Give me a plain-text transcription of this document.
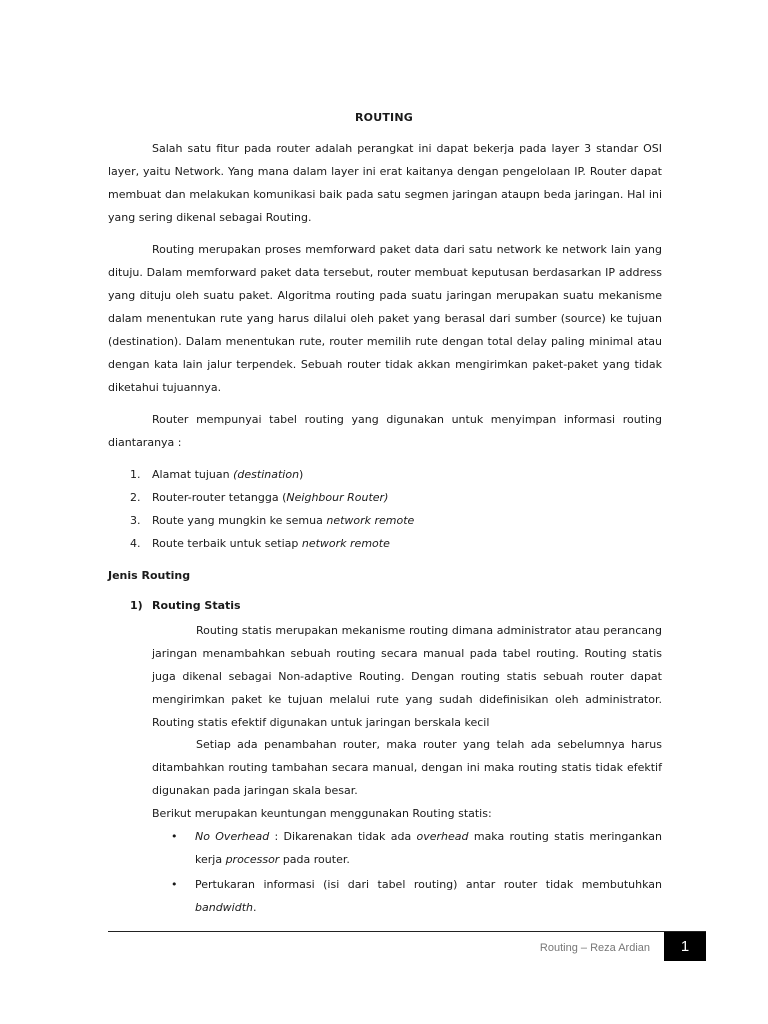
ROUTING

Salah satu fitur pada router adalah perangkat ini dapat bekerja pada layer 3 standar OSI layer, yaitu Network. Yang mana dalam layer ini erat kaitanya dengan pengelolaan IP. Router dapat membuat dan melakukan komunikasi baik pada satu segmen jaringan ataupn beda jaringan. Hal ini yang sering dikenal sebagai Routing.

Routing merupakan proses memforward paket data dari satu network ke network lain yang dituju. Dalam memforward paket data tersebut, router membuat keputusan berdasarkan IP address yang dituju oleh suatu paket. Algoritma routing pada suatu jaringan merupakan suatu mekanisme dalam menentukan rute yang harus dilalui oleh paket yang berasal dari sumber (source) ke tujuan (destination). Dalam menentukan rute, router memilih rute dengan total delay paling minimal atau dengan kata lain jalur terpendek. Sebuah router tidak akkan mengirimkan paket-paket yang tidak diketahui tujuannya.

Router mempunyai tabel routing yang digunakan untuk menyimpan informasi routing diantaranya :

1. Alamat tujuan (destination)
2. Router-router tetangga (Neighbour Router)
3. Route yang mungkin ke semua network remote
4. Route terbaik untuk setiap network remote
Jenis Routing
1) Routing Statis

Routing statis merupakan mekanisme routing dimana administrator atau perancang jaringan menambahkan sebuah routing secara manual pada tabel routing. Routing statis juga dikenal sebagai Non-adaptive Routing. Dengan routing statis sebuah router dapat mengirimkan paket ke tujuan melalui rute yang sudah didefinisikan oleh administrator. Routing statis efektif digunakan untuk jaringan berskala kecil

Setiap ada penambahan router, maka router yang telah ada sebelumnya harus ditambahkan routing tambahan secara manual, dengan ini maka routing statis tidak efektif digunakan pada jaringan skala besar.

Berikut merupakan keuntungan menggunakan Routing statis:

• No Overhead : Dikarenakan tidak ada overhead maka routing statis meringankan kerja processor pada router.
• Pertukaran informasi (isi dari tabel routing) antar router tidak membutuhkan bandwidth.
Routing – Reza Ardian	1
